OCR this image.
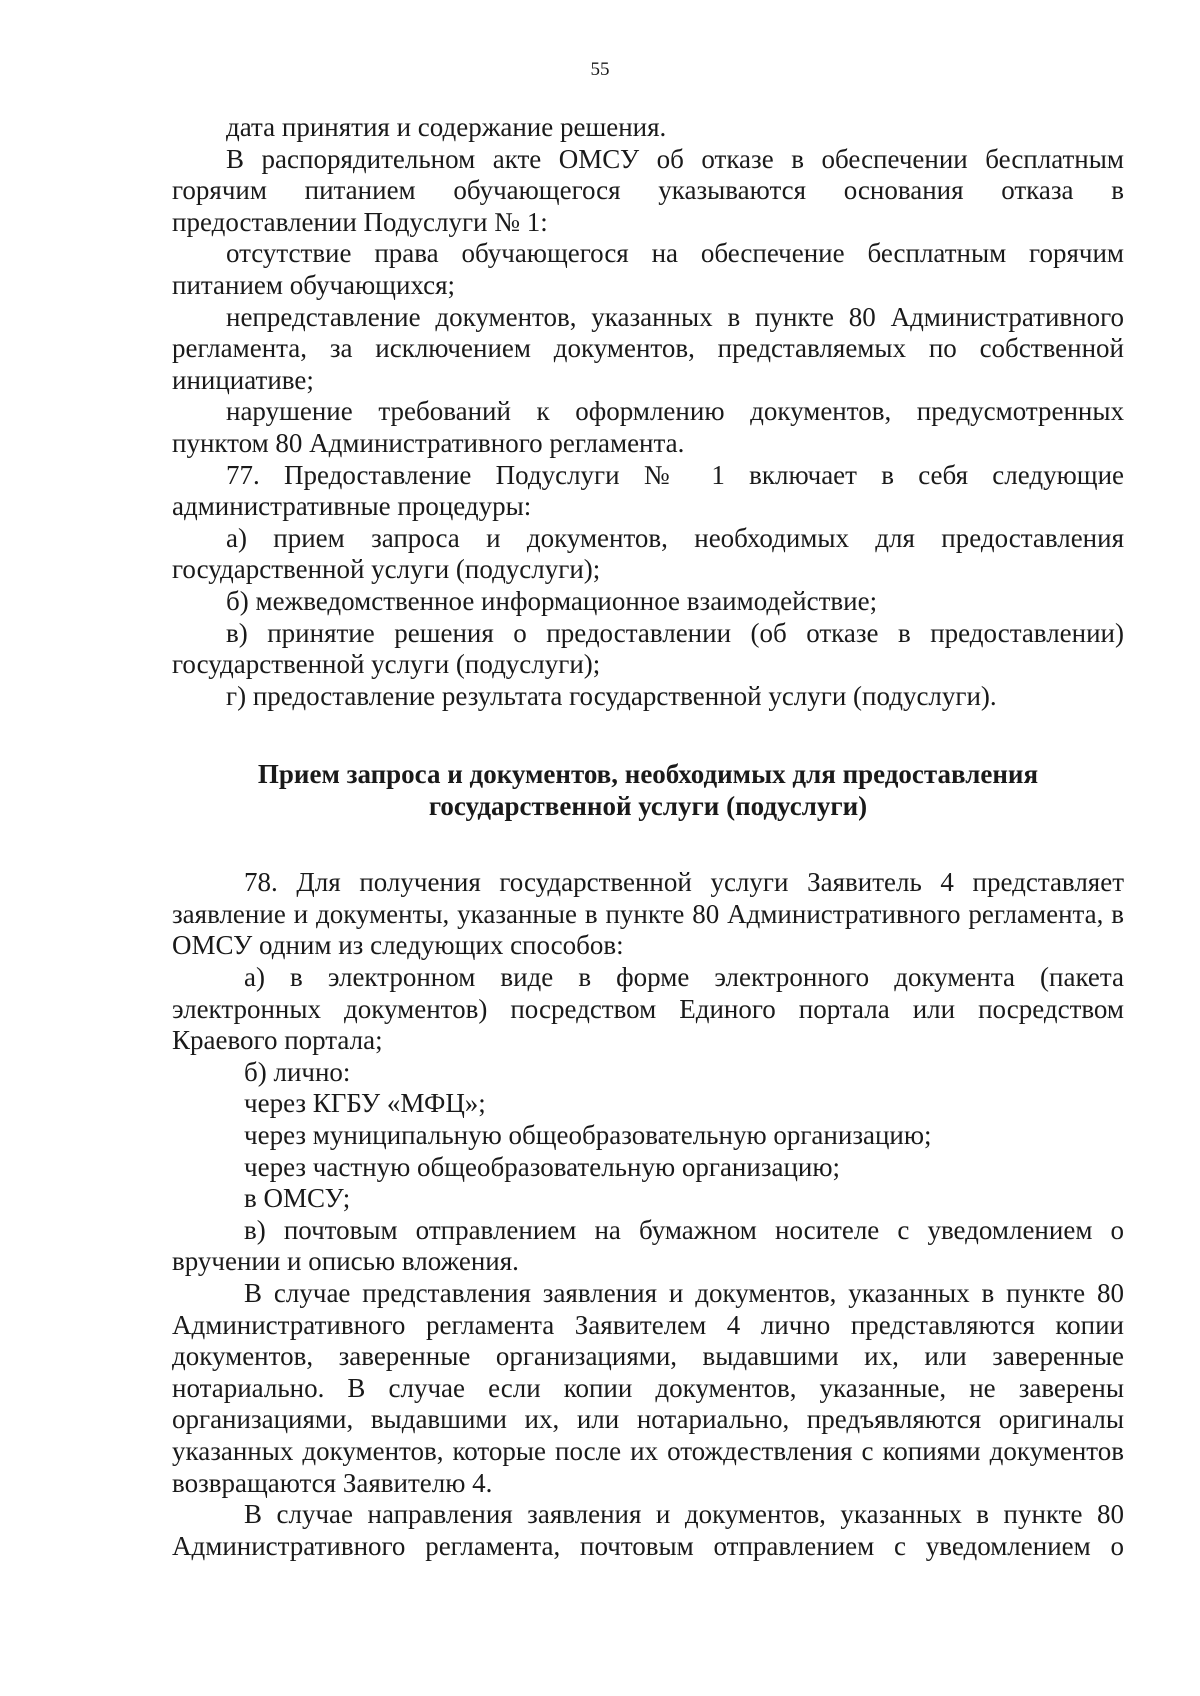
55

дата принятия и содержание решения.

В распорядительном акте ОМСУ об отказе в обеспечении бесплатным горячим питанием обучающегося указываются основания отказа в предоставлении Подуслуги № 1:

отсутствие права обучающегося на обеспечение бесплатным горячим питанием обучающихся;

непредставление документов, указанных в пункте 80 Административного регламента, за исключением документов, представляемых по собственной инициативе;

нарушение требований к оформлению документов, предусмотренных пунктом 80 Административного регламента.

77. Предоставление Подуслуги № 1 включает в себя следующие административные процедуры:

а) прием запроса и документов, необходимых для предоставления государственной услуги (подуслуги);

б) межведомственное информационное взаимодействие;

в) принятие решения о предоставлении (об отказе в предоставлении) государственной услуги (подуслуги);

г) предоставление результата государственной услуги (подуслуги).

Прием запроса и документов, необходимых для предоставления

государственной услуги (подуслуги)

78. Для получения государственной услуги Заявитель 4 представляет заявление и документы, указанные в пункте 80 Административного регламента, в ОМСУ одним из следующих способов:

а) в электронном виде в форме электронного документа (пакета электронных документов) посредством Единого портала или посредством Краевого портала;

б) лично:

через КГБУ «МФЦ»;

через муниципальную общеобразовательную организацию;

через частную общеобразовательную организацию;

в ОМСУ;

в) почтовым отправлением на бумажном носителе с уведомлением о вручении и описью вложения.

В случае представления заявления и документов, указанных в пункте 80 Административного регламента Заявителем 4 лично представляются копии документов, заверенные организациями, выдавшими их, или заверенные нотариально. В случае если копии документов, указанные, не заверены организациями, выдавшими их, или нотариально, предъявляются оригиналы указанных документов, которые после их отождествления с копиями документов возвращаются Заявителю 4.

В случае направления заявления и документов, указанных в пункте 80 Административного регламента, почтовым отправлением с уведомлением о
